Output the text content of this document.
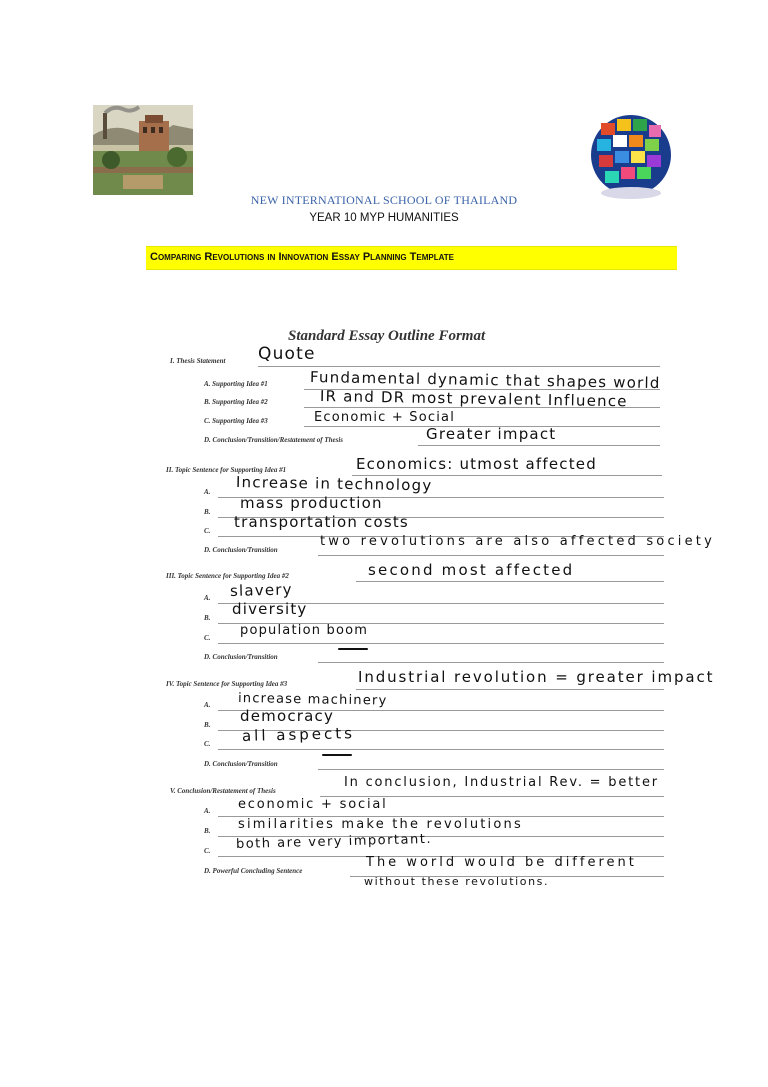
NEW INTERNATIONAL SCHOOL OF THAILAND
YEAR 10 MYP HUMANITIES
Comparing Revolutions in Innovation Essay Planning Template
Standard Essay Outline Format
I. Thesis Statement
A. Supporting Idea #1
B. Supporting Idea #2
C. Supporting Idea #3
D. Conclusion/Transition/Restatement of Thesis
Quote
Fundamental dynamic that shapes world
IR and DR most prevalent Influence
Economic + Social
Greater impact
II. Topic Sentence for Supporting Idea #1
A.
B.
C.
D. Conclusion/Transition
Economics: utmost affected
Increase in technology
mass production
transportation costs
two revolutions are also affected society
III. Topic Sentence for Supporting Idea #2
A.
B.
C.
D. Conclusion/Transition
second most affected
slavery
diversity
population boom
IV. Topic Sentence for Supporting Idea #3
A.
B.
C.
D. Conclusion/Transition
Industrial revolution = greater impact
increase machinery
democracy
all aspects
V. Conclusion/Restatement of Thesis
A.
B.
C.
D. Powerful Concluding Sentence
In conclusion, Industrial Rev. = better
economic + social
similarities make the revolutions
both are very important.
The world would be different
without these revolutions.
